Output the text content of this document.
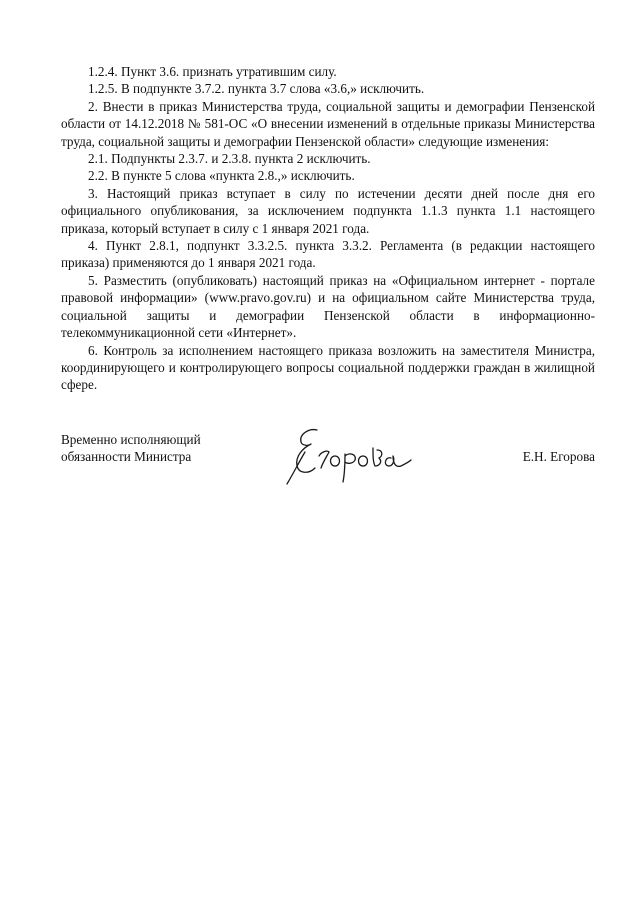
1.2.4. Пункт 3.6. признать утратившим силу.

1.2.5. В подпункте 3.7.2. пункта 3.7 слова «3.6,» исключить.

2. Внести в приказ Министерства труда, социальной защиты и демографии Пензенской области от 14.12.2018 № 581-ОС «О внесении изменений в отдельные приказы Министерства труда, социальной защиты и демографии Пензенской области» следующие изменения:

2.1. Подпункты 2.3.7. и 2.3.8. пункта 2 исключить.

2.2. В пункте 5 слова «пункта 2.8.,» исключить.

3. Настоящий приказ вступает в силу по истечении десяти дней после дня его официального опубликования, за исключением подпункта 1.1.3 пункта 1.1 настоящего приказа, который вступает в силу с 1 января 2021 года.

4. Пункт 2.8.1, подпункт 3.3.2.5. пункта 3.3.2. Регламента (в редакции настоящего приказа) применяются до 1 января 2021 года.

5. Разместить (опубликовать) настоящий приказ на «Официальном интернет - портале правовой информации» (www.pravo.gov.ru) и на официальном сайте Министерства труда, социальной защиты и демографии Пензенской области в информационно-телекоммуникационной сети «Интернет».

6. Контроль за исполнением настоящего приказа возложить на заместителя Министра, координирующего и контролирующего вопросы социальной поддержки граждан в жилищной сфере.

Временно исполняющий
обязанности Министра	Е.Н. Егорова
